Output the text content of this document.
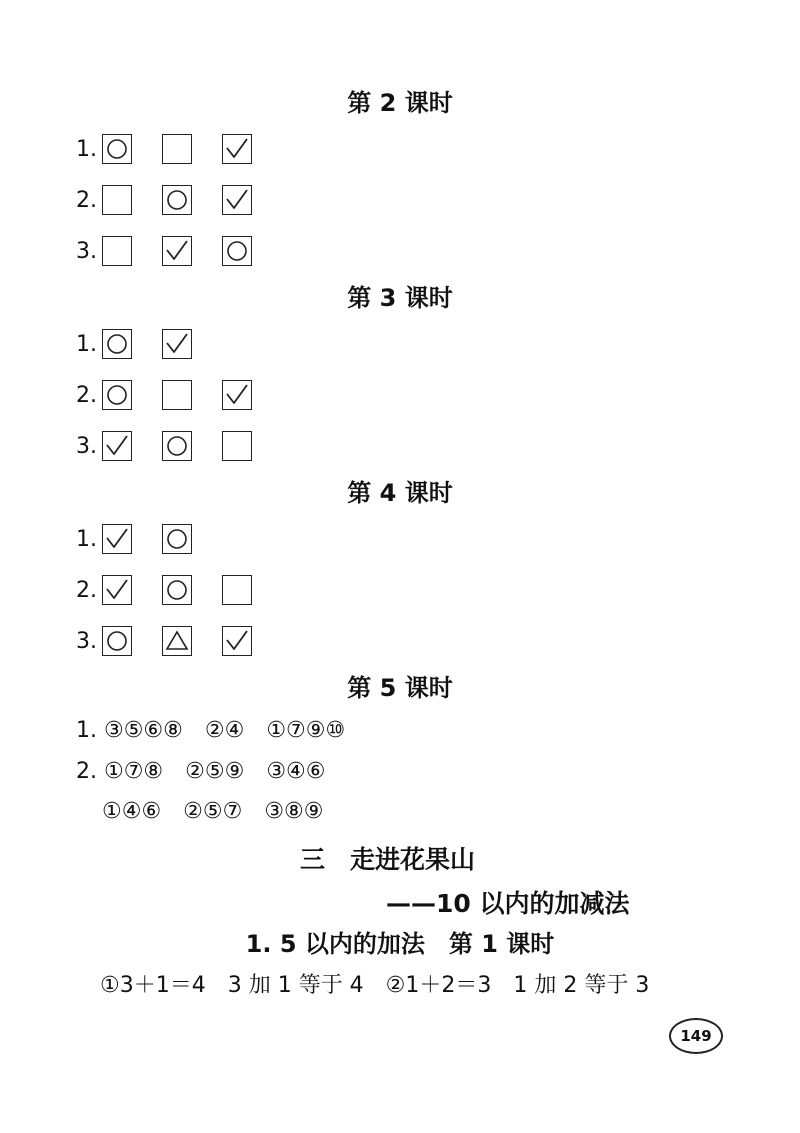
第 2 课时
第 3 课时
第 4 课时
第 5 课时
1.
2.
3.
1.
2.
3.
1.
2.
3.
1. ③⑤⑥⑧　②④　①⑦⑨⑩
2. ①⑦⑧　②⑤⑨　③④⑥
①④⑥　②⑤⑦　③⑧⑨
三　走进花果山
——10 以内的加减法
1. 5 以内的加法　第 1 课时
①3＋1＝4　3 加 1 等于 4　②1＋2＝3　1 加 2 等于 3
149
